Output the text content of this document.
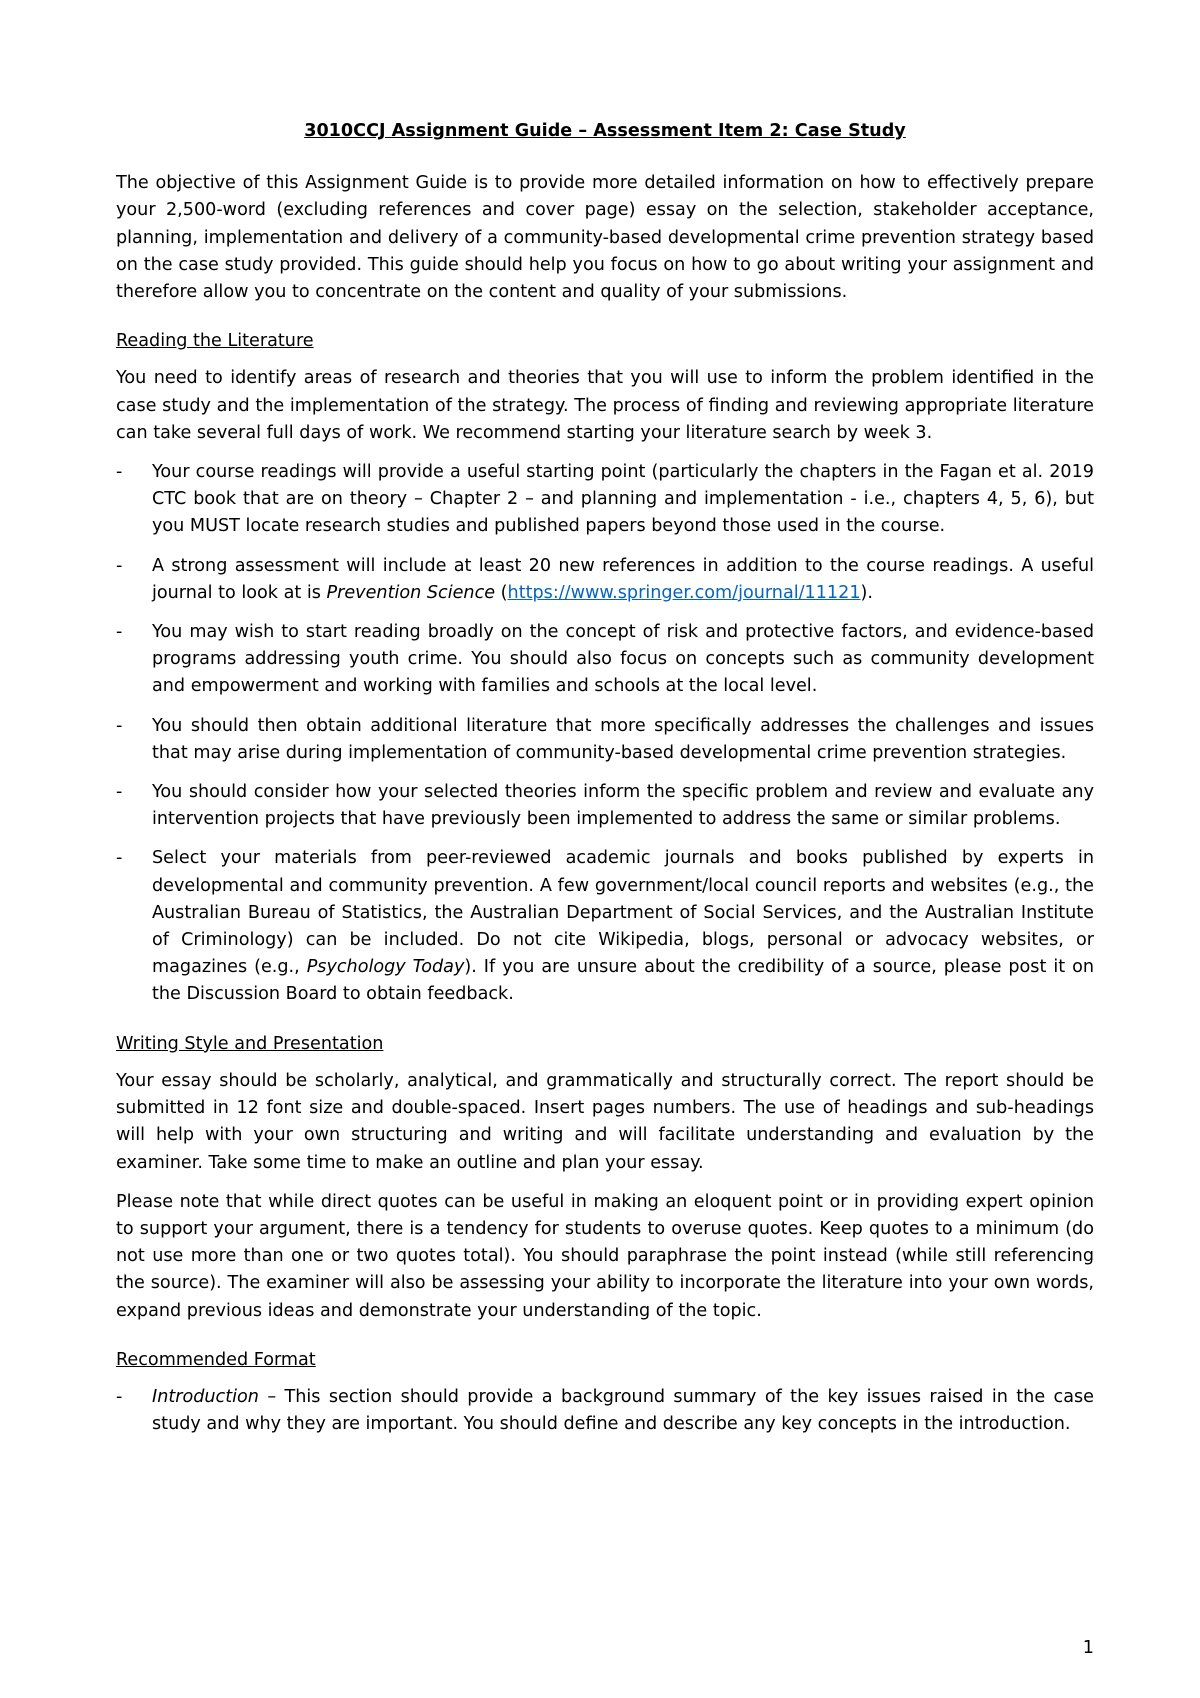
3010CCJ Assignment Guide – Assessment Item 2: Case Study

The objective of this Assignment Guide is to provide more detailed information on how to effectively prepare your 2,500-word (excluding references and cover page) essay on the selection, stakeholder acceptance, planning, implementation and delivery of a community-based developmental crime prevention strategy based on the case study provided. This guide should help you focus on how to go about writing your assignment and therefore allow you to concentrate on the content and quality of your submissions.

Reading the Literature

You need to identify areas of research and theories that you will use to inform the problem identified in the case study and the implementation of the strategy. The process of finding and reviewing appropriate literature can take several full days of work. We recommend starting your literature search by week 3.

- Your course readings will provide a useful starting point (particularly the chapters in the Fagan et al. 2019 CTC book that are on theory – Chapter 2 – and planning and implementation - i.e., chapters 4, 5, 6), but you MUST locate research studies and published papers beyond those used in the course.
- A strong assessment will include at least 20 new references in addition to the course readings. A useful journal to look at is Prevention Science (https://www.springer.com/journal/11121).
- You may wish to start reading broadly on the concept of risk and protective factors, and evidence-based programs addressing youth crime. You should also focus on concepts such as community development and empowerment and working with families and schools at the local level.
- You should then obtain additional literature that more specifically addresses the challenges and issues that may arise during implementation of community-based developmental crime prevention strategies.
- You should consider how your selected theories inform the specific problem and review and evaluate any intervention projects that have previously been implemented to address the same or similar problems.
- Select your materials from peer-reviewed academic journals and books published by experts in developmental and community prevention. A few government/local council reports and websites (e.g., the Australian Bureau of Statistics, the Australian Department of Social Services, and the Australian Institute of Criminology) can be included. Do not cite Wikipedia, blogs, personal or advocacy websites, or magazines (e.g., Psychology Today). If you are unsure about the credibility of a source, please post it on the Discussion Board to obtain feedback.
Writing Style and Presentation

Your essay should be scholarly, analytical, and grammatically and structurally correct. The report should be submitted in 12 font size and double-spaced. Insert pages numbers. The use of headings and sub-headings will help with your own structuring and writing and will facilitate understanding and evaluation by the examiner. Take some time to make an outline and plan your essay.

Please note that while direct quotes can be useful in making an eloquent point or in providing expert opinion to support your argument, there is a tendency for students to overuse quotes. Keep quotes to a minimum (do not use more than one or two quotes total). You should paraphrase the point instead (while still referencing the source). The examiner will also be assessing your ability to incorporate the literature into your own words, expand previous ideas and demonstrate your understanding of the topic.

Recommended Format
- Introduction – This section should provide a background summary of the key issues raised in the case study and why they are important. You should define and describe any key concepts in the introduction.
1
